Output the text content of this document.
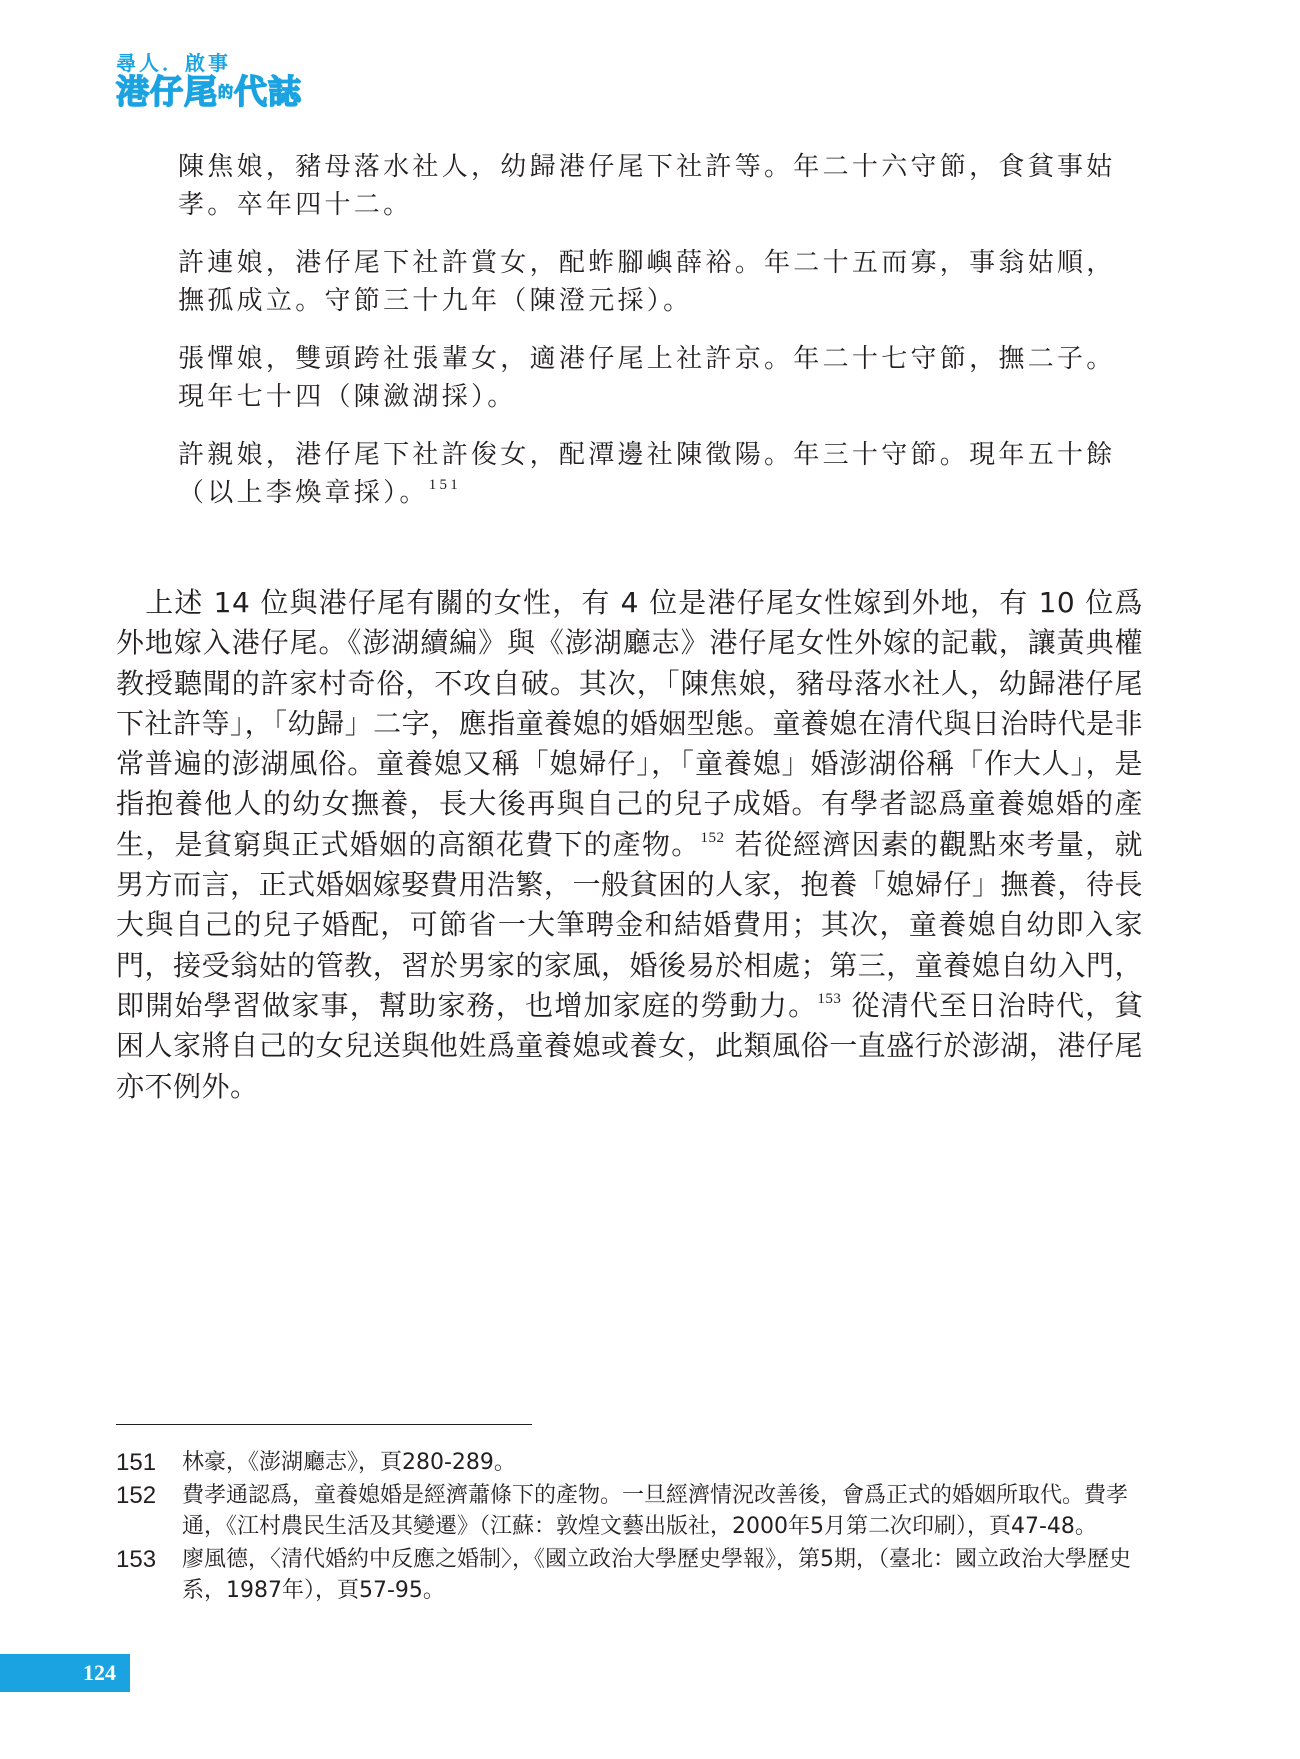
尋人．啟事
港仔尾的代誌

陳焦娘，豬母落水社人，幼歸港仔尾下社許等。年二十六守節，食貧事姑孝。卒年四十二。

許連娘，港仔尾下社許賞女，配蚱腳嶼薛裕。年二十五而寡，事翁姑順，撫孤成立。守節三十九年（陳澄元採）。

張憚娘，雙頭跨社張輩女，適港仔尾上社許京。年二十七守節，撫二子。現年七十四（陳瀲湖採）。

許親娘，港仔尾下社許俊女，配潭邊社陳徵陽。年三十守節。現年五十餘（以上李煥章採）。$^{151}$

　上述 14 位與港仔尾有關的女性，有 4 位是港仔尾女性嫁到外地，有 10 位爲外地嫁入港仔尾。《澎湖續編》與《澎湖廳志》港仔尾女性外嫁的記載，讓黃典權教授聽聞的許家村奇俗，不攻自破。其次，「陳焦娘，豬母落水社人，幼歸港仔尾下社許等」，「幼歸」二字，應指童養媳的婚姻型態。童養媳在清代與日治時代是非常普遍的澎湖風俗。童養媳又稱「媳婦仔」，「童養媳」婚澎湖俗稱「作大人」，是指抱養他人的幼女撫養，長大後再與自己的兒子成婚。有學者認爲童養媳婚的產生，是貧窮與正式婚姻的高額花費下的產物。$^{152}$ 若從經濟因素的觀點來考量，就男方而言，正式婚姻嫁娶費用浩繁，一般貧困的人家，抱養「媳婦仔」撫養，待長大與自己的兒子婚配，可節省一大筆聘金和結婚費用；其次，童養媳自幼即入家門，接受翁姑的管教，習於男家的家風，婚後易於相處；第三，童養媳自幼入門，即開始學習做家事，幫助家務，也增加家庭的勞動力。$^{153}$ 從清代至日治時代，貧困人家將自己的女兒送與他姓爲童養媳或養女，此類風俗一直盛行於澎湖，港仔尾亦不例外。

151	林豪，《澎湖廳志》，頁280-289。
152	費孝通認爲，童養媳婚是經濟蕭條下的產物。一旦經濟情況改善後，會爲正式的婚姻所取代。費孝通，《江村農民生活及其變遷》（江蘇：敦煌文藝出版社，2000年5月第二次印刷），頁47-48。
153	廖風德，〈清代婚約中反應之婚制〉，《國立政治大學歷史學報》，第5期，（臺北：國立政治大學歷史系，1987年），頁57-95。
124
